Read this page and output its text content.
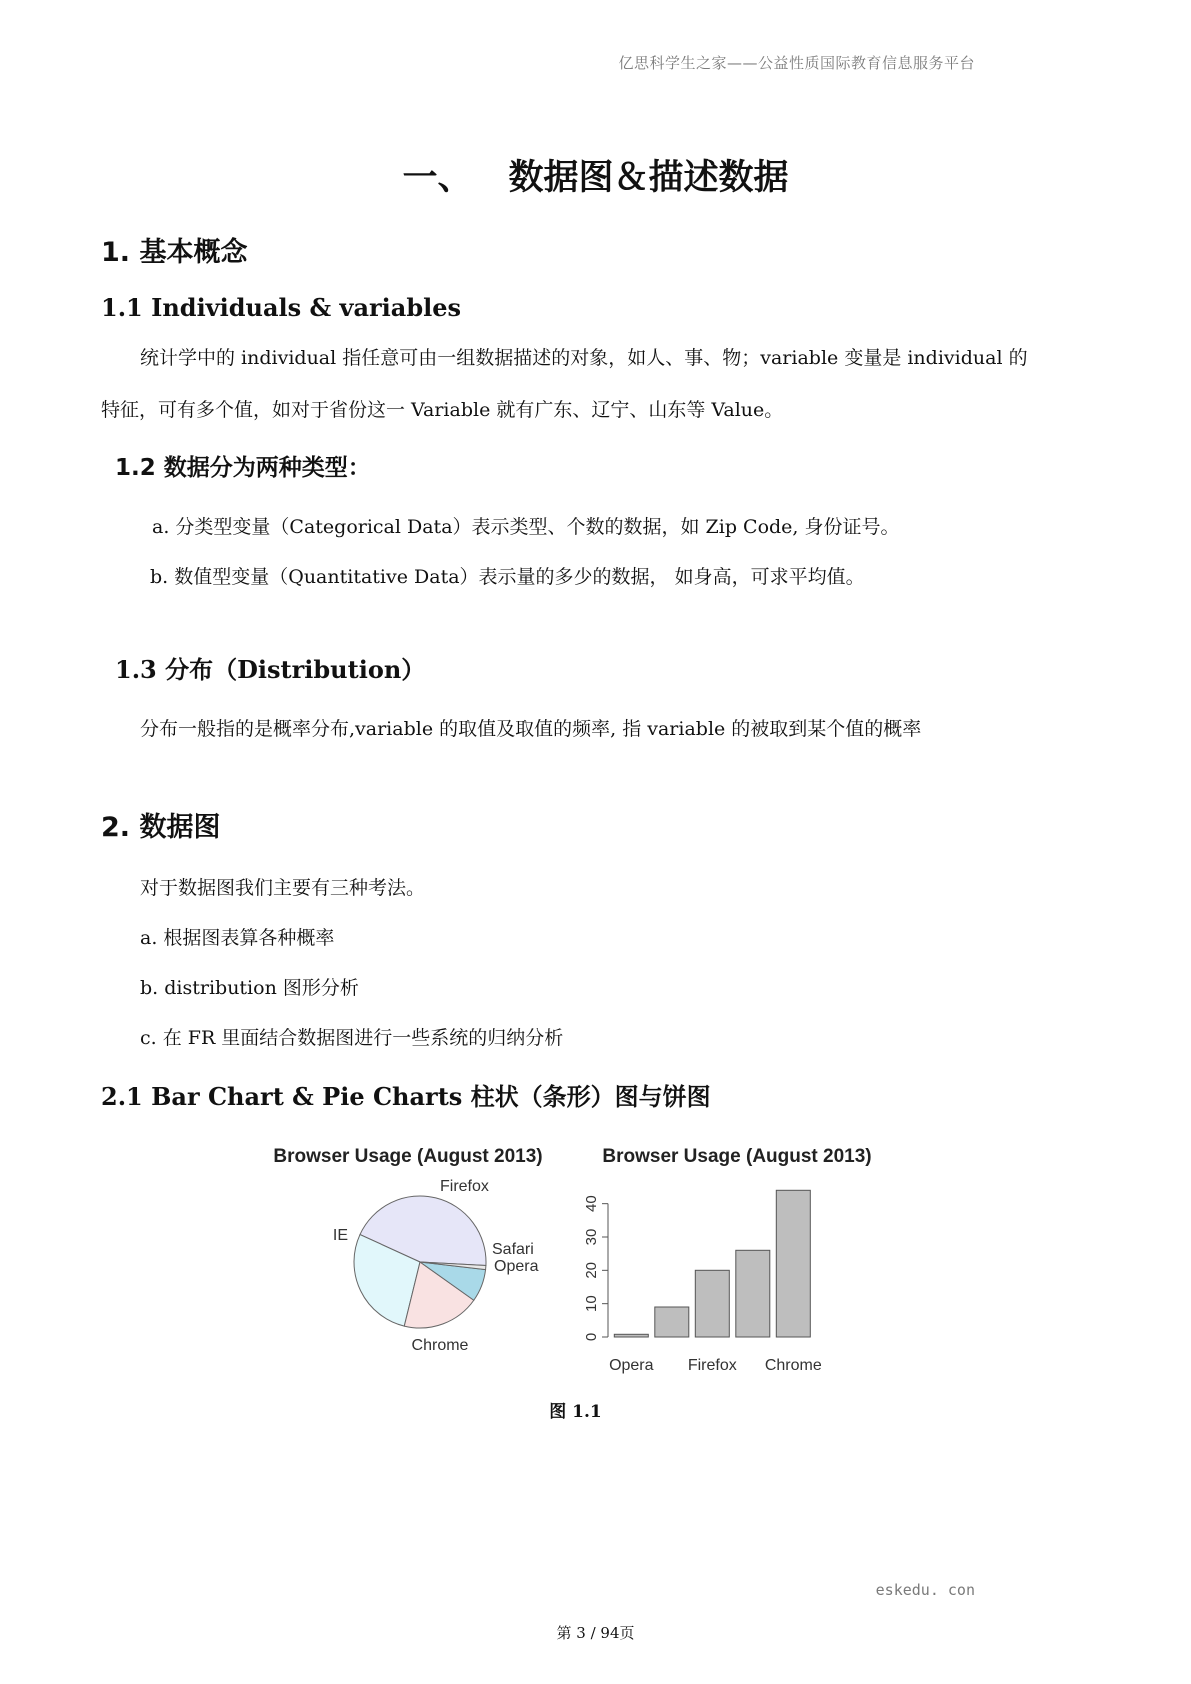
亿思科学生之家——公益性质国际教育信息服务平台
一、 数据图＆描述数据
1. 基本概念
1.1 Individuals & variables
统计学中的 individual 指任意可由一组数据描述的对象，如人、事、物；variable 变量是 individual 的
特征，可有多个值，如对于省份这一 Variable 就有广东、辽宁、山东等 Value。
1.2 数据分为两种类型：
a. 分类型变量（Categorical Data）表示类型、个数的数据，如 Zip Code, 身份证号。
b. 数值型变量（Quantitative Data）表示量的多少的数据， 如身高，可求平均值。
1.3 分布（Distribution）
分布一般指的是概率分布,variable 的取值及取值的频率, 指 variable 的被取到某个值的概率
2. 数据图
对于数据图我们主要有三种考法。
a. 根据图表算各种概率
b. distribution 图形分析
c. 在 FR 里面结合数据图进行一些系统的归纳分析
2.1 Bar Chart & Pie Charts 柱状（条形）图与饼图
Browser Usage (August 2013)
Chrome
IE
Firefox
Safari
Opera
Browser Usage (August 2013)
0
10
20
30
40
Opera Firefox Chrome
图 1.1
eskedu. con
第 3 / 94页
